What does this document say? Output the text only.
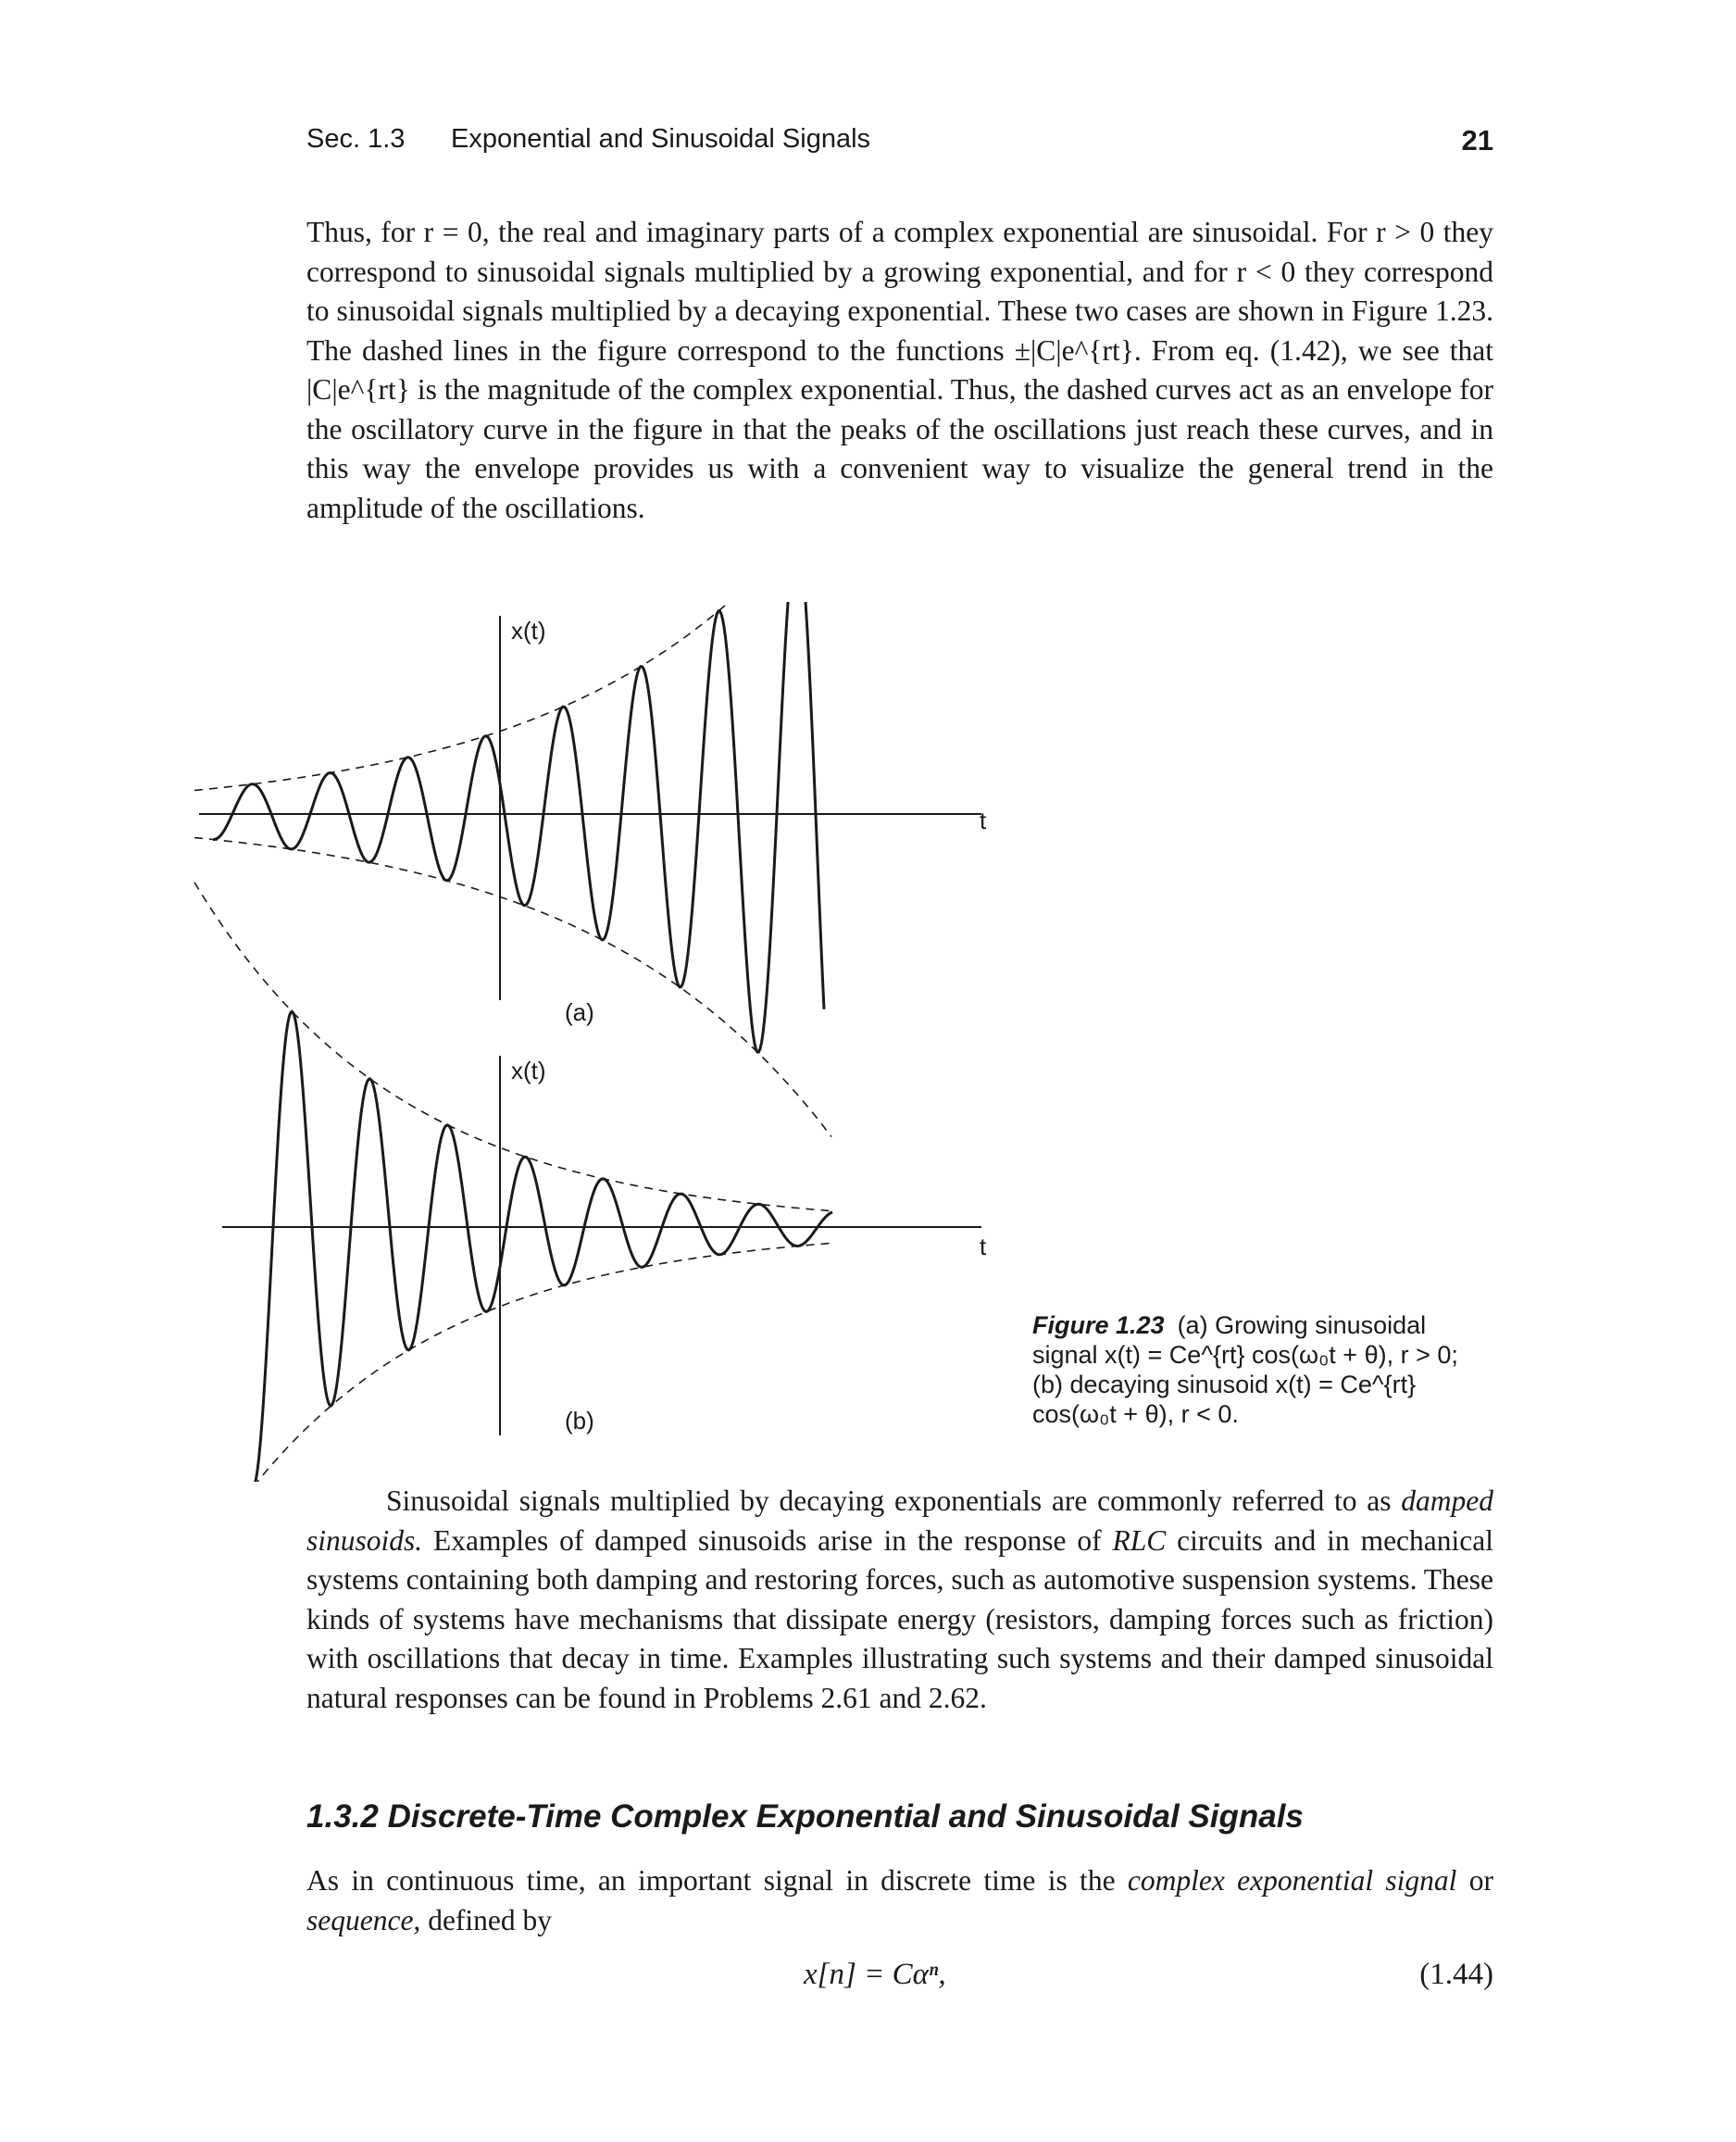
Sec. 1.3 Exponential and Sinusoidal Signals	21

Thus, for r = 0, the real and imaginary parts of a complex exponential are sinusoidal. For r > 0 they correspond to sinusoidal signals multiplied by a growing exponential, and for r < 0 they correspond to sinusoidal signals multiplied by a decaying exponential. These two cases are shown in Figure 1.23. The dashed lines in the figure correspond to the functions ±|C|e^{rt}. From eq. (1.42), we see that |C|e^{rt} is the magnitude of the complex exponential. Thus, the dashed curves act as an envelope for the oscillatory curve in the figure in that the peaks of the oscillations just reach these curves, and in this way the envelope provides us with a convenient way to visualize the general trend in the amplitude of the oscillations.

x(t)
t
(a)
x(t)
t
(b)

Figure 1.23 (a) Growing sinusoidal signal x(t) = Ce^{rt} cos(ω₀t + θ), r > 0; (b) decaying sinusoid x(t) = Ce^{rt} cos(ω₀t + θ), r < 0.

Sinusoidal signals multiplied by decaying exponentials are commonly referred to as damped sinusoids. Examples of damped sinusoids arise in the response of RLC circuits and in mechanical systems containing both damping and restoring forces, such as automotive suspension systems. These kinds of systems have mechanisms that dissipate energy (resistors, damping forces such as friction) with oscillations that decay in time. Examples illustrating such systems and their damped sinusoidal natural responses can be found in Problems 2.61 and 2.62.

1.3.2 Discrete-Time Complex Exponential and Sinusoidal Signals

As in continuous time, an important signal in discrete time is the complex exponential signal or sequence, defined by

x[n] = Cαⁿ,	(1.44)
